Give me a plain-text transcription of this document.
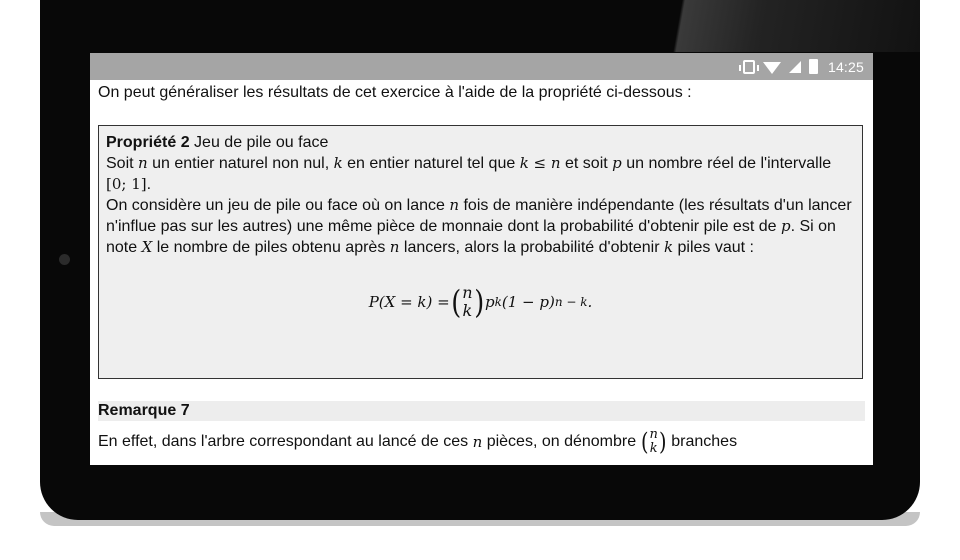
14:25

On peut généraliser les résultats de cet exercice à l'aide de la propriété ci-dessous :

Propriété 2 Jeu de pile ou face

Soit n un entier naturel non nul, k en entier naturel tel que k ≤ n et soit p un nombre réel de l'intervalle [0; 1].

On considère un jeu de pile ou face où on lance n fois de manière indépendante (les résultats d'un lancer n'influe pas sur les autres) une même pièce de monnaie dont la probabilité d'obtenir pile est de p. Si on note X le nombre de piles obtenu après n lancers, alors la probabilité d'obtenir k piles vaut :

P(X = k) = ( n
k ) p k (1 − p) n − k .
Remarque 7
En effet, dans l'arbre correspondant au lancé de ces
n
pièces, on dénombre ( n
k ) branches
